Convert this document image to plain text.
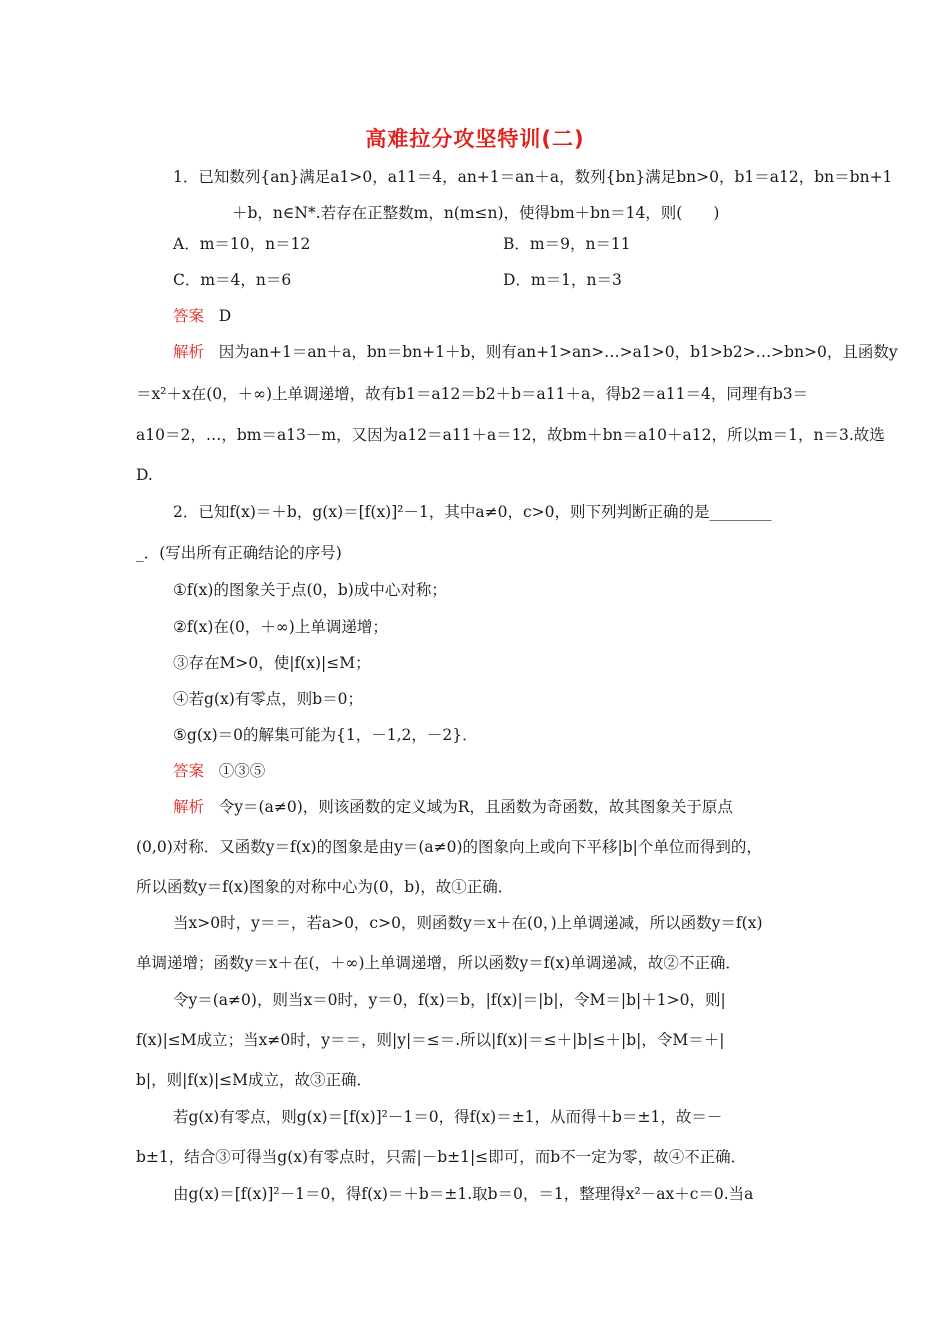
高难拉分攻坚特训(二)
1．已知数列{an}满足a1>0，a11＝4，an+1＝an＋a，数列{bn}满足bn>0，b1＝a12，bn＝bn+1
＋b，n∈N*.若存在正整数m，n(m≤n)，使得bm＋bn＝14，则(　　)
A．m＝10，n＝12	B．m＝9，n＝11
C．m＝4，n＝6	D．m＝1，n＝3
答案 D
解析 因为an+1＝an＋a，bn＝bn+1＋b，则有an+1>an>…>a1>0，b1>b2>…>bn>0，且函数y
＝x²＋x在(0，＋∞)上单调递增，故有b1＝a12＝b2＋b＝a11＋a，得b2＝a11＝4，同理有b3＝
a10＝2，…，bm＝a13－m，又因为a12＝a11＋a＝12，故bm＋bn＝a10＋a12，所以m＝1，n＝3.故选
D.
2．已知f(x)＝＋b，g(x)＝[f(x)]²－1，其中a≠0，c>0，则下列判断正确的是________
_．(写出所有正确结论的序号)
①f(x)的图象关于点(0，b)成中心对称；
②f(x)在(0，＋∞)上单调递增；
③存在M>0，使|f(x)|≤M；
④若g(x)有零点，则b＝0；
⑤g(x)＝0的解集可能为{1，－1,2，－2}．
答案 ①③⑤
解析 令y＝(a≠0)，则该函数的定义域为R，且函数为奇函数，故其图象关于原点
(0,0)对称．又函数y＝f(x)的图象是由y＝(a≠0)的图象向上或向下平移|b|个单位而得到的，
所以函数y＝f(x)图象的对称中心为(0，b)，故①正确．
当x>0时，y＝＝，若a>0，c>0，则函数y＝x＋在(0，)上单调递减，所以函数y＝f(x)
单调递增；函数y＝x＋在(，＋∞)上单调递增，所以函数y＝f(x)单调递减，故②不正确．
令y＝(a≠0)，则当x＝0时，y＝0，f(x)＝b，|f(x)|＝|b|，令M＝|b|＋1>0，则|
f(x)|≤M成立；当x≠0时，y＝＝，则|y|＝≤＝.所以|f(x)|＝≤＋|b|≤＋|b|，令M＝＋|
b|，则|f(x)|≤M成立，故③正确．
若g(x)有零点，则g(x)＝[f(x)]²－1＝0，得f(x)＝±1，从而得＋b＝±1，故＝－
b±1，结合③可得当g(x)有零点时，只需|－b±1|≤即可，而b不一定为零，故④不正确．
由g(x)＝[f(x)]²－1＝0，得f(x)＝＋b＝±1.取b＝0，＝1，整理得x²－ax＋c＝0.当a
